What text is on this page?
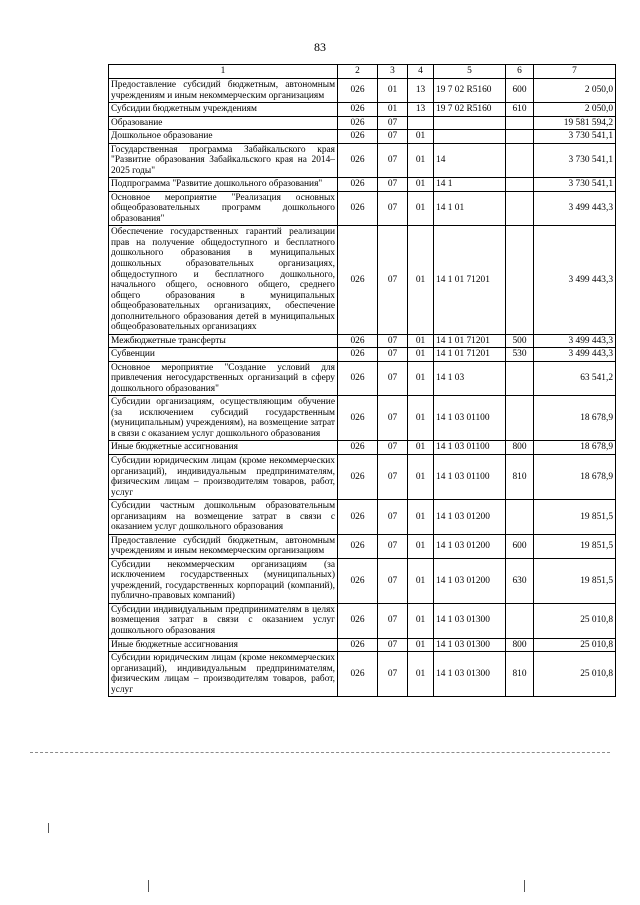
83
1	2	3	4	5	6	7
Предоставление субсидий бюджетным, автономным учреждениям и иным некоммерческим организациям	026	01	13	19 7 02 R5160	600	2 050,0
Субсидии бюджетным учреждениям	026	01	13	19 7 02 R5160	610	2 050,0
Образование	026	07				19 581 594,2
Дошкольное образование	026	07	01			3 730 541,1
Государственная программа Забайкальского края "Развитие образования Забайкальского края на 2014–2025 годы"	026	07	01	14		3 730 541,1
Подпрограмма "Развитие дошкольного образования"	026	07	01	14 1		3 730 541,1
Основное мероприятие "Реализация основных общеобразовательных программ дошкольного образования"	026	07	01	14 1 01		3 499 443,3
Обеспечение государственных гарантий реализации прав на получение общедоступного и бесплатного дошкольного образования в муниципальных дошкольных образовательных организациях, общедоступного и бесплатного дошкольного, начального общего, основного общего, среднего общего образования в муниципальных общеобразовательных организациях, обеспечение дополнительного образования детей в муниципальных общеобразовательных организациях	026	07	01	14 1 01 71201		3 499 443,3
Межбюджетные трансферты	026	07	01	14 1 01 71201	500	3 499 443,3
Субвенции	026	07	01	14 1 01 71201	530	3 499 443,3
Основное мероприятие "Создание условий для привлечения негосударственных организаций в сферу дошкольного образования"	026	07	01	14 1 03		63 541,2
Субсидии организациям, осуществляющим обучение (за исключением субсидий государственным (муниципальным) учреждениям), на возмещение затрат в связи с оказанием услуг дошкольного образования	026	07	01	14 1 03 01100		18 678,9
Иные бюджетные ассигнования	026	07	01	14 1 03 01100	800	18 678,9
Субсидии юридическим лицам (кроме некоммерческих организаций), индивидуальным предпринимателям, физическим лицам – производителям товаров, работ, услуг	026	07	01	14 1 03 01100	810	18 678,9
Субсидии частным дошкольным образовательным организациям на возмещение затрат в связи с оказанием услуг дошкольного образования	026	07	01	14 1 03 01200		19 851,5
Предоставление субсидий бюджетным, автономным учреждениям и иным некоммерческим организациям	026	07	01	14 1 03 01200	600	19 851,5
Субсидии некоммерческим организациям (за исключением государственных (муниципальных) учреждений, государственных корпораций (компаний), публично-правовых компаний)	026	07	01	14 1 03 01200	630	19 851,5
Субсидии индивидуальным предпринимателям в целях возмещения затрат в связи с оказанием услуг дошкольного образования	026	07	01	14 1 03 01300		25 010,8
Иные бюджетные ассигнования	026	07	01	14 1 03 01300	800	25 010,8
Субсидии юридическим лицам (кроме некоммерческих организаций), индивидуальным предпринимателям, физическим лицам – производителям товаров, работ, услуг	026	07	01	14 1 03 01300	810	25 010,8
